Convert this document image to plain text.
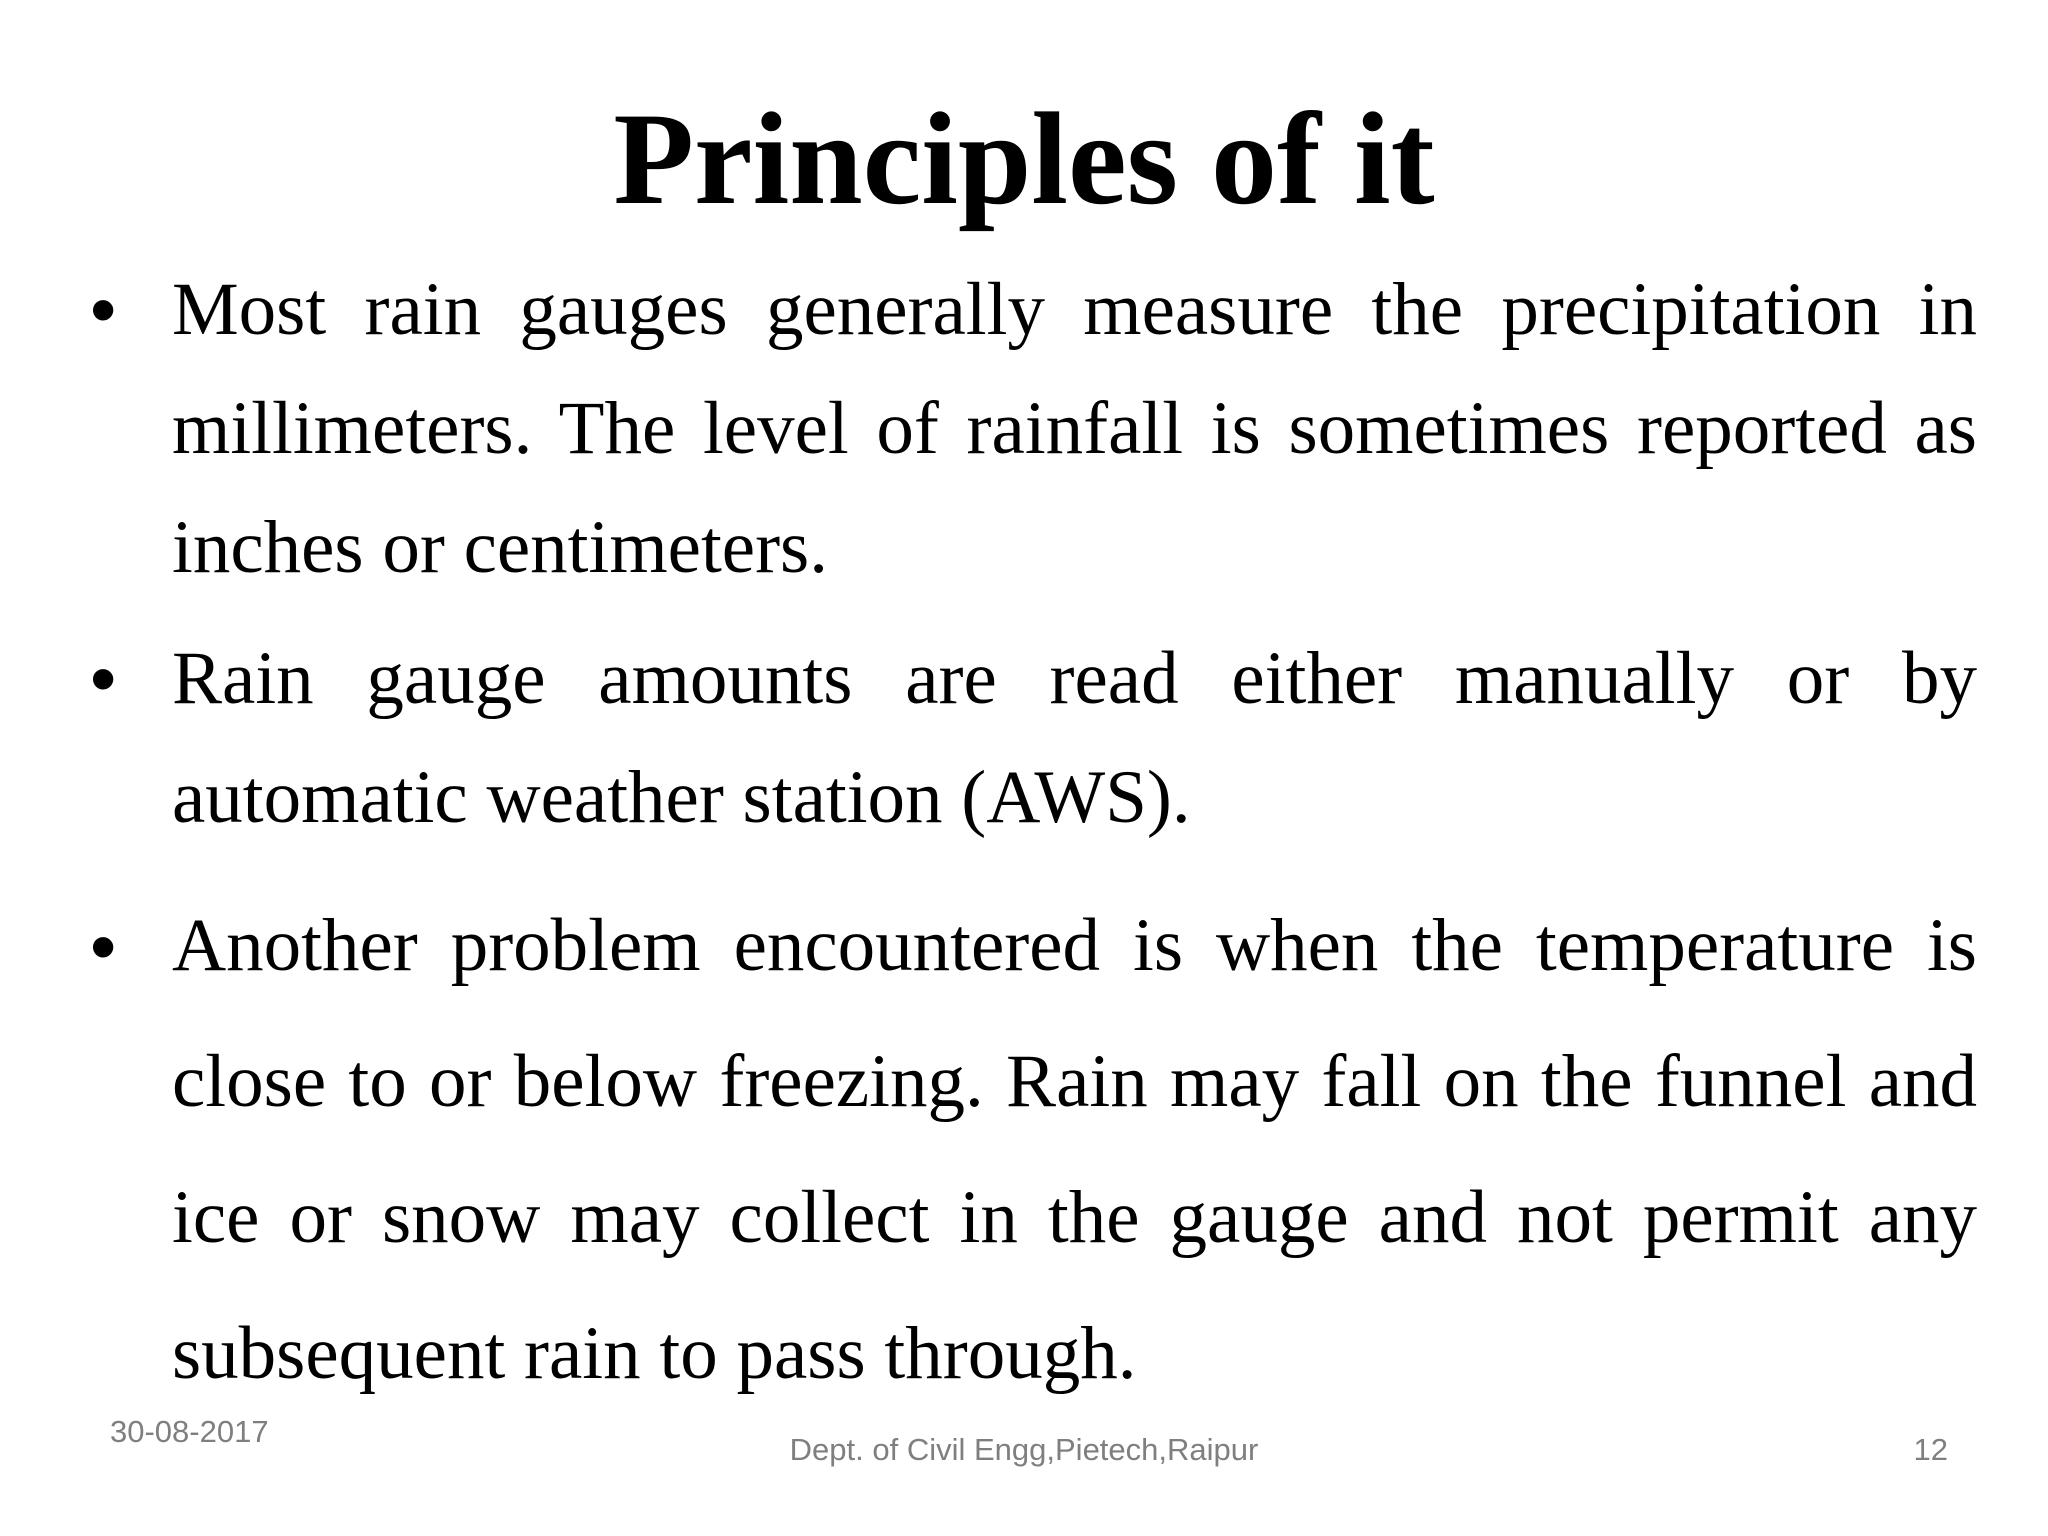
Principles of it
• Most rain gauges generally measure the precipitation in millimeters. The level of rainfall is sometimes reported as inches or centimeters.
• Rain gauge amounts are read either manually or by automatic weather station (AWS).
• Another problem encountered is when the temperature is close to or below freezing. Rain may fall on the funnel and ice or snow may collect in the gauge and not permit any subsequent rain to pass through.
30-08-2017
Dept. of Civil Engg,Pietech,Raipur	12
